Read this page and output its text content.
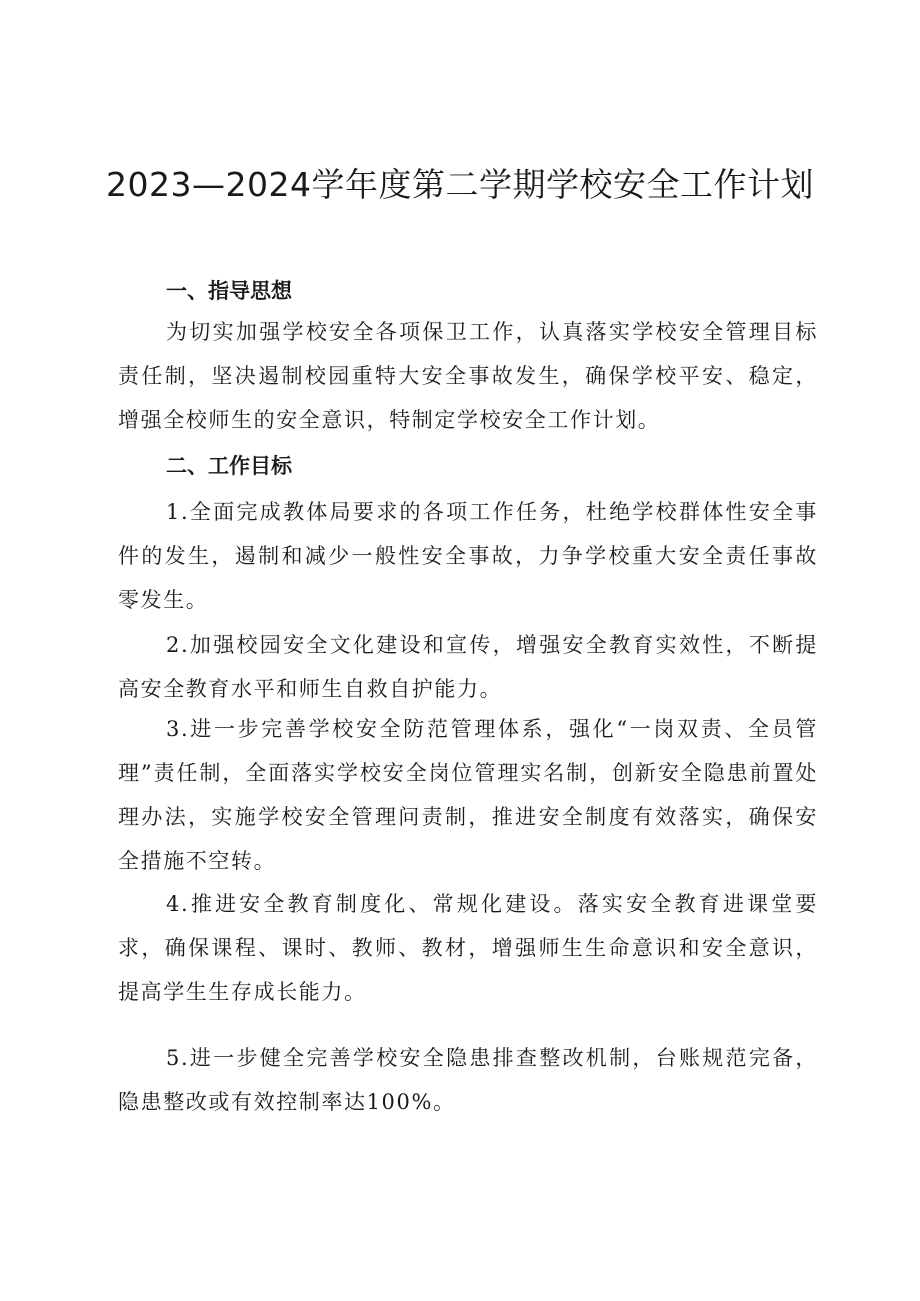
2023—2024学年度第二学期学校安全工作计划
一、指导思想

为切实加强学校安全各项保卫工作，认真落实学校安全管理目标责任制，坚决遏制校园重特大安全事故发生，确保学校平安、稳定，增强全校师生的安全意识，特制定学校安全工作计划。

二、工作目标

1.全面完成教体局要求的各项工作任务，杜绝学校群体性安全事件的发生，遏制和减少一般性安全事故，力争学校重大安全责任事故零发生。

2.加强校园安全文化建设和宣传，增强安全教育实效性，不断提高安全教育水平和师生自救自护能力。

3.进一步完善学校安全防范管理体系，强化“一岗双责、全员管理”责任制，全面落实学校安全岗位管理实名制，创新安全隐患前置处理办法，实施学校安全管理问责制，推进安全制度有效落实，确保安全措施不空转。

4.推进安全教育制度化、常规化建设。落实安全教育进课堂要求，确保课程、课时、教师、教材，增强师生生命意识和安全意识，提高学生生存成长能力。

5.进一步健全完善学校安全隐患排查整改机制，台账规范完备，隐患整改或有效控制率达100%。
